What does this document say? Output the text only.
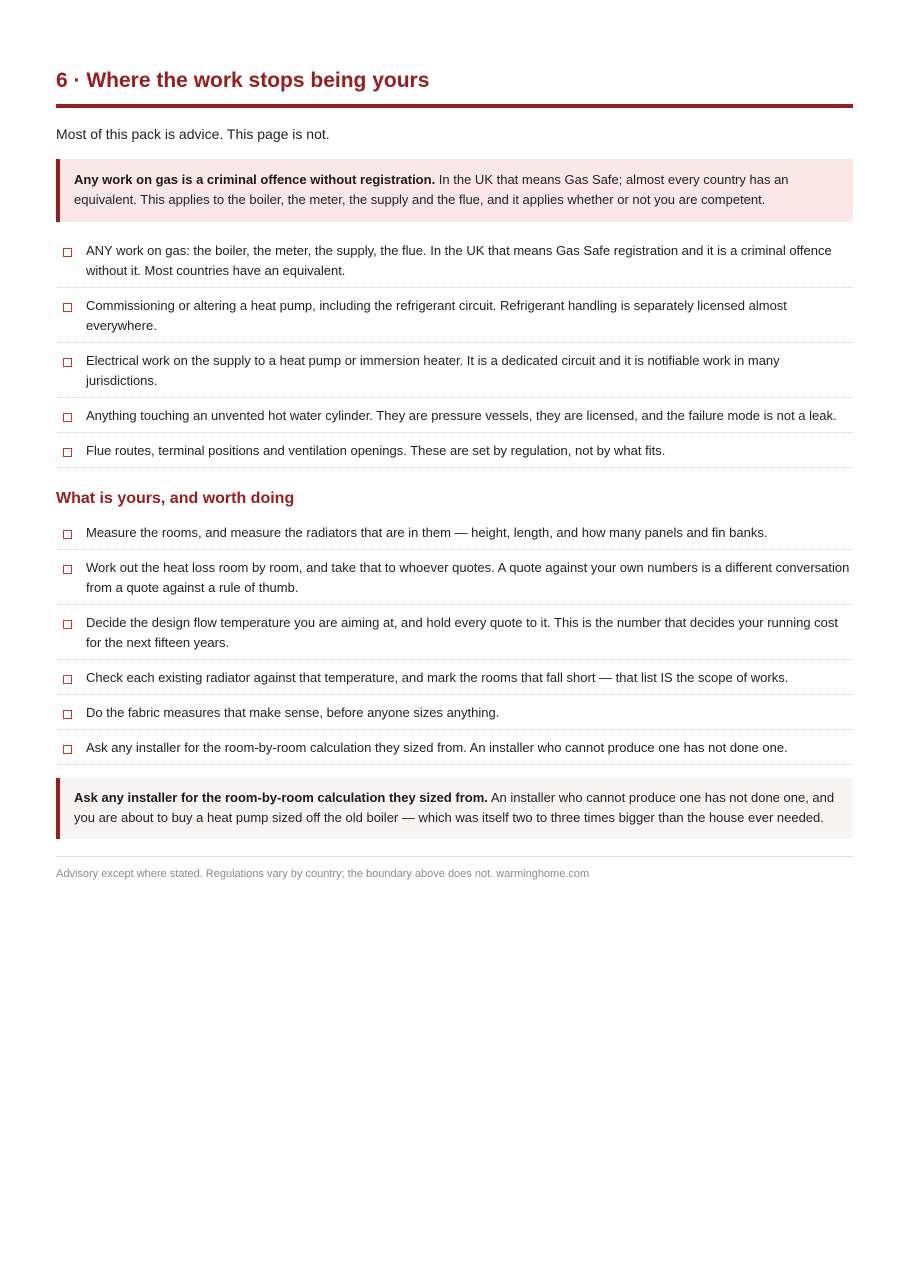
6 · Where the work stops being yours

Most of this pack is advice. This page is not.

Any work on gas is a criminal offence without registration. In the UK that means Gas Safe; almost every country has an equivalent. This applies to the boiler, the meter, the supply and the flue, and it applies whether or not you are competent.
ANY work on gas: the boiler, the meter, the supply, the flue. In the UK that means Gas Safe registration and it is a criminal offence without it. Most countries have an equivalent.
Commissioning or altering a heat pump, including the refrigerant circuit. Refrigerant handling is separately licensed almost everywhere.
Electrical work on the supply to a heat pump or immersion heater. It is a dedicated circuit and it is notifiable work in many jurisdictions.
Anything touching an unvented hot water cylinder. They are pressure vessels, they are licensed, and the failure mode is not a leak.
Flue routes, terminal positions and ventilation openings. These are set by regulation, not by what fits.
What is yours, and worth doing
Measure the rooms, and measure the radiators that are in them — height, length, and how many panels and fin banks.
Work out the heat loss room by room, and take that to whoever quotes. A quote against your own numbers is a different conversation from a quote against a rule of thumb.
Decide the design flow temperature you are aiming at, and hold every quote to it. This is the number that decides your running cost for the next fifteen years.
Check each existing radiator against that temperature, and mark the rooms that fall short — that list IS the scope of works.
Do the fabric measures that make sense, before anyone sizes anything.
Ask any installer for the room-by-room calculation they sized from. An installer who cannot produce one has not done one.
Ask any installer for the room-by-room calculation they sized from. An installer who cannot produce one has not done one, and you are about to buy a heat pump sized off the old boiler — which was itself two to three times bigger than the house ever needed.
Advisory except where stated. Regulations vary by country; the boundary above does not. warminghome.com
